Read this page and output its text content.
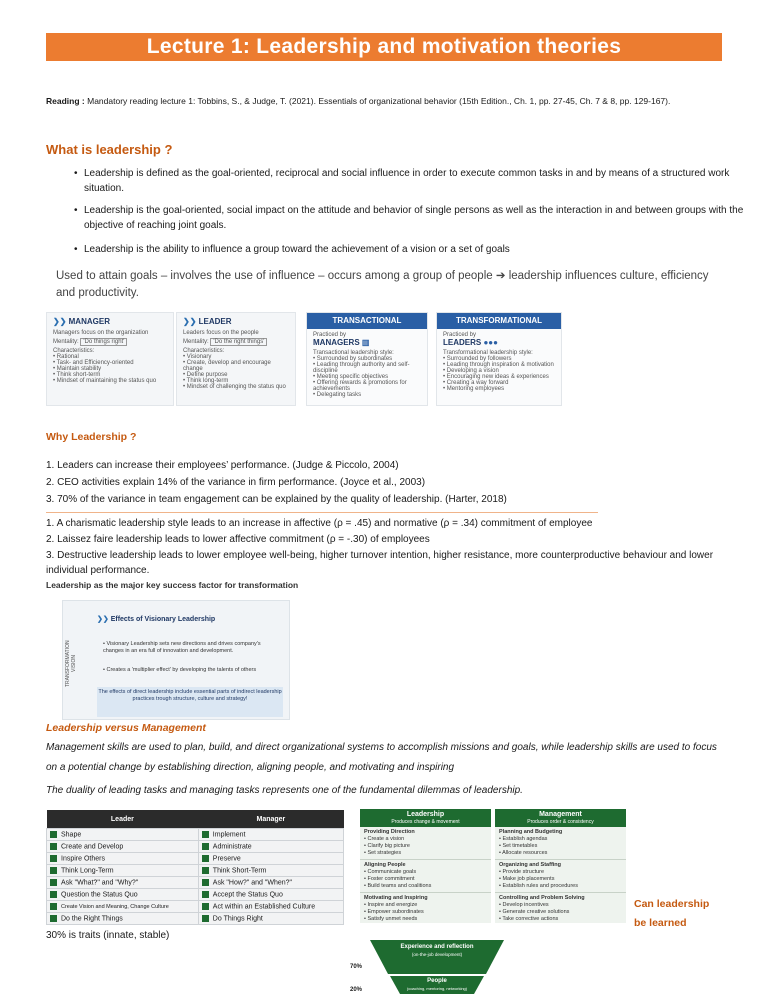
Lecture 1: Leadership and motivation theories
Reading : Mandatory reading lecture 1: Tobbins, S., & Judge, T. (2021). Essentials of organizational behavior (15th Edition., Ch. 1, pp. 27-45, Ch. 7 & 8, pp. 129-167).
What is leadership ?
• Leadership is defined as the goal-oriented, reciprocal and social influence in order to execute common tasks in and by means of a structured work situation.
• Leadership is the goal-oriented, social impact on the attitude and behavior of single persons as well as the interaction in and between groups with the objective of reaching joint goals.
• Leadership is the ability to influence a group toward the achievement of a vision or a set of goals
Used to attain goals – involves the use of influence – occurs among a group of people ➔ leadership influences culture, efficiency and productivity.
❯❯ MANAGER
Managers focus on the organization
Mentality: 'Do things right'
Characteristics:
• Rational
• Task- and Efficiency-oriented
• Maintain stability
• Think short-term
• Mindset of maintaining the status quo
❯❯ LEADER
Leaders focus on the people
Mentality: 'Do the right things'
Characteristics:
• Visionary
• Create, develop and encourage change
• Define purpose
• Think long-term
• Mindset of challenging the status quo
TRANSACTIONAL
Practiced by
MANAGERS ▥
Transactional leadership style:
• Surrounded by subordinates
• Leading through authority and self-discipline
• Meeting specific objectives
• Offering rewards & promotions for achievements
• Delegating tasks
TRANSFORMATIONAL
Practiced by
LEADERS ●●●
Transformational leadership style:
• Surrounded by followers
• Leading through inspiration & motivation
• Developing a vision
• Encouraging new ideas & experiences
• Creating a way forward
• Mentoring employees
Why Leadership ?
1. Leaders can increase their employees’ performance. (Judge & Piccolo, 2004)
2. CEO activities explain 14% of the variance in firm performance. (Joyce et al., 2003)
3. 70% of the variance in team engagement can be explained by the quality of leadership. (Harter, 2018)
1. A charismatic leadership style leads to an increase in affective (ρ = .45) and normative (ρ = .34) commitment of employee
2. Laissez faire leadership leads to lower affective commitment (ρ = -.30) of employees
3. Destructive leadership leads to lower employee well-being, higher turnover intention, higher resistance, more counterproductive behaviour and lower individual performance.
Leadership as the major key success factor for transformation
TRANSFORMATION VISION
❯❯ Effects of Visionary Leadership
• Visionary Leadership sets new directions and drives company's changes in an era full of innovation and development.
• Creates a 'multiplier effect' by developing the talents of others
The effects of direct leadership include essential parts of indirect leadership practices trough structure, culture and strategy!
Leadership versus Management
Management skills are used to plan, build, and direct organizational systems to accomplish missions and goals, while leadership skills are used to focus on a potential change by establishing direction, aligning people, and motivating and inspiring
The duality of leading tasks and managing tasks represents one of the fundamental dilemmas of leadership.
Leader	Manager
Shape	Implement
Create and Develop	Administrate
Inspire Others	Preserve
Think Long-Term	Think Short-Term
Ask "What?" and "Why?"	Ask "How?" and "When?"
Question the Status Quo	Accept the Status Quo
Create Vision and Meaning, Change Culture	Act within an Established Culture
Do the Right Things	Do Things Right
Leadership
Produces change & movement
Providing Direction
• Create a vision
• Clarify big picture
• Set strategies
Aligning People
• Communicate goals
• Foster commitment
• Build teams and coalitions
Motivating and Inspiring
• Inspire and energize
• Empower subordinates
• Satisfy unmet needs
Management
Produces order & consistency
Planning and Budgeting
• Establish agendas
• Set timetables
• Allocate resources
Organizing and Staffing
• Provide structure
• Make job placements
• Establish rules and procedures
Controlling and Problem Solving
• Develop incentives
• Generate creative solutions
• Take corrective actions
Can leadership
be learned
30% is traits (innate, stable)
70%
20%
Experience and reflection
(on-the-job development)
People
(coaching, mentoring, networking)
